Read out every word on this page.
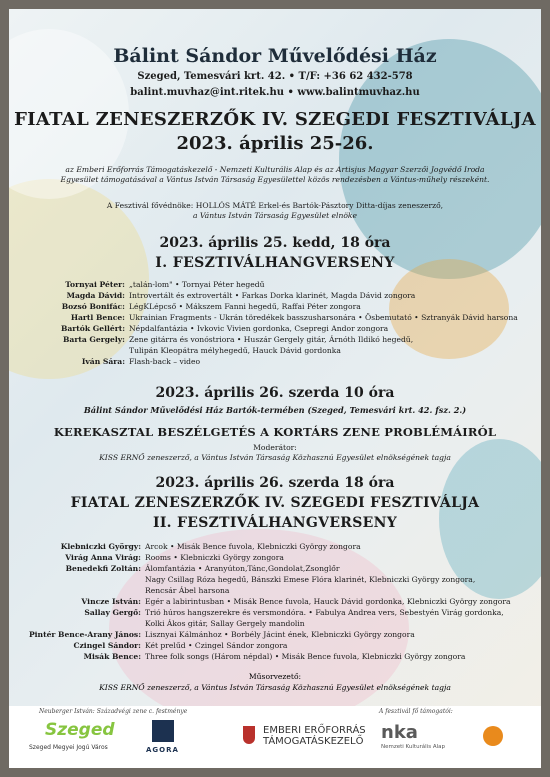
Bálint Sándor Művelődési Ház
Szeged, Temesvári krt. 42. • T/F: +36 62 432-578
balint.muvhaz@int.ritek.hu • www.balintmuvhaz.hu
FIATAL ZENESZERZŐK IV. SZEGEDI FESZTIVÁLJA
2023. április 25-26.
az Emberi Erőforrás Támogatáskezelő - Nemzeti Kulturális Alap és az Artisjus Magyar Szerzői Jogvédő Iroda Egyesület támogatásával a Vántus István Társaság Egyesülettel közös rendezésben a Vántus-műhely részeként.
A Fesztivál fővédnöke: HOLLÓS MÁTÉ Erkel-és Bartók-Pásztory Ditta-díjas zeneszerző,
a Vántus István Társaság Egyesület elnöke
2023. április 25. kedd, 18 óra
I. FESZTIVÁLHANGVERSENY
Tornyai Péter: „talán-lom" • Tornyai Péter hegedű
Magda Dávid: Introvertált és extrovertált • Farkas Dorka klarinét, Magda Dávid zongora
Bozsó Bonifác: LégKLépcső • Mákszem Fanni hegedű, Raffai Péter zongora
Hartl Bence: Ukrainian Fragments - Ukrán töredékek basszusharsonára • Ösbemutató • Sztranyák Dávid harsona
Bartók Gellért: Népdalfantázia • Ivkovic Vivien gordonka, Csepregi Andor zongora
Barta Gergely: Zene gitárra és vonóstriora • Huszár Gergely gitár, Árnóth Ildikó hegedű,
Tulipán Kleopátra mélyhegedű, Hauck Dávid gordonka
Iván Sára: Flash-back – video
2023. április 26. szerda 10 óra
Bálint Sándor Művelődési Ház Bartók-termében (Szeged, Temesvári krt. 42. fsz. 2.)
KEREKASZTAL BESZÉLGETÉS A KORTÁRS ZENE PROBLÉMÁIRÓL
Moderátor:
KISS ERNŐ zeneszerző, a Vántus István Társaság Közhasznú Egyesület elnökségének tagja
2023. április 26. szerda 18 óra
FIATAL ZENESZERZŐK IV. SZEGEDI FESZTIVÁLJA
II. FESZTIVÁLHANGVERSENY
Klebniczki György: Arcok • Misák Bence fuvola, Klebniczki György zongora
Virág Anna Virág: Rooms • Klebniczki György zongora
Benedekfi Zoltán: Álomfantázia • Aranyúton,Tánc,Gondolat,Zsonglőr
Nagy Csillag Róza hegedű, Bánszki Emese Flóra klarinét, Klebniczki György zongora,
Rencsár Ábel harsona
Vincze István: Egér a labirintusban • Misák Bence fuvola, Hauck Dávid gordonka, Klebniczki György zongora
Sallay Gergő: Trió húros hangszerekre és versmondóra. • Fabulya Andrea vers, Sebestyén Virág gordonka,
Kolki Ákos gitár, Sallay Gergely mandolin
Pintér Bence-Arany János: Lisznyai Kálmánhoz • Borbély Jácint ének, Klebniczki György zongora
Czingel Sándor: Két prelűd • Czingel Sándor zongora
Misák Bence: Three folk songs (Három népdal) • Misák Bence fuvola, Klebniczki György zongora
Műsorvezető:
KISS ERNŐ zeneszerző, a Vántus István Társaság Közhasznú Egyesület elnökségének tagja
Neuberger István: Századvégi zene c. festménye	A fesztivál fő támogatói:
Szeged
Szeged Megyei Jogú Város	AGORA
EMBERI ERŐFORRÁS
TÁMOGATÁSKEZELŐ nka
Nemzeti Kulturális Alap
